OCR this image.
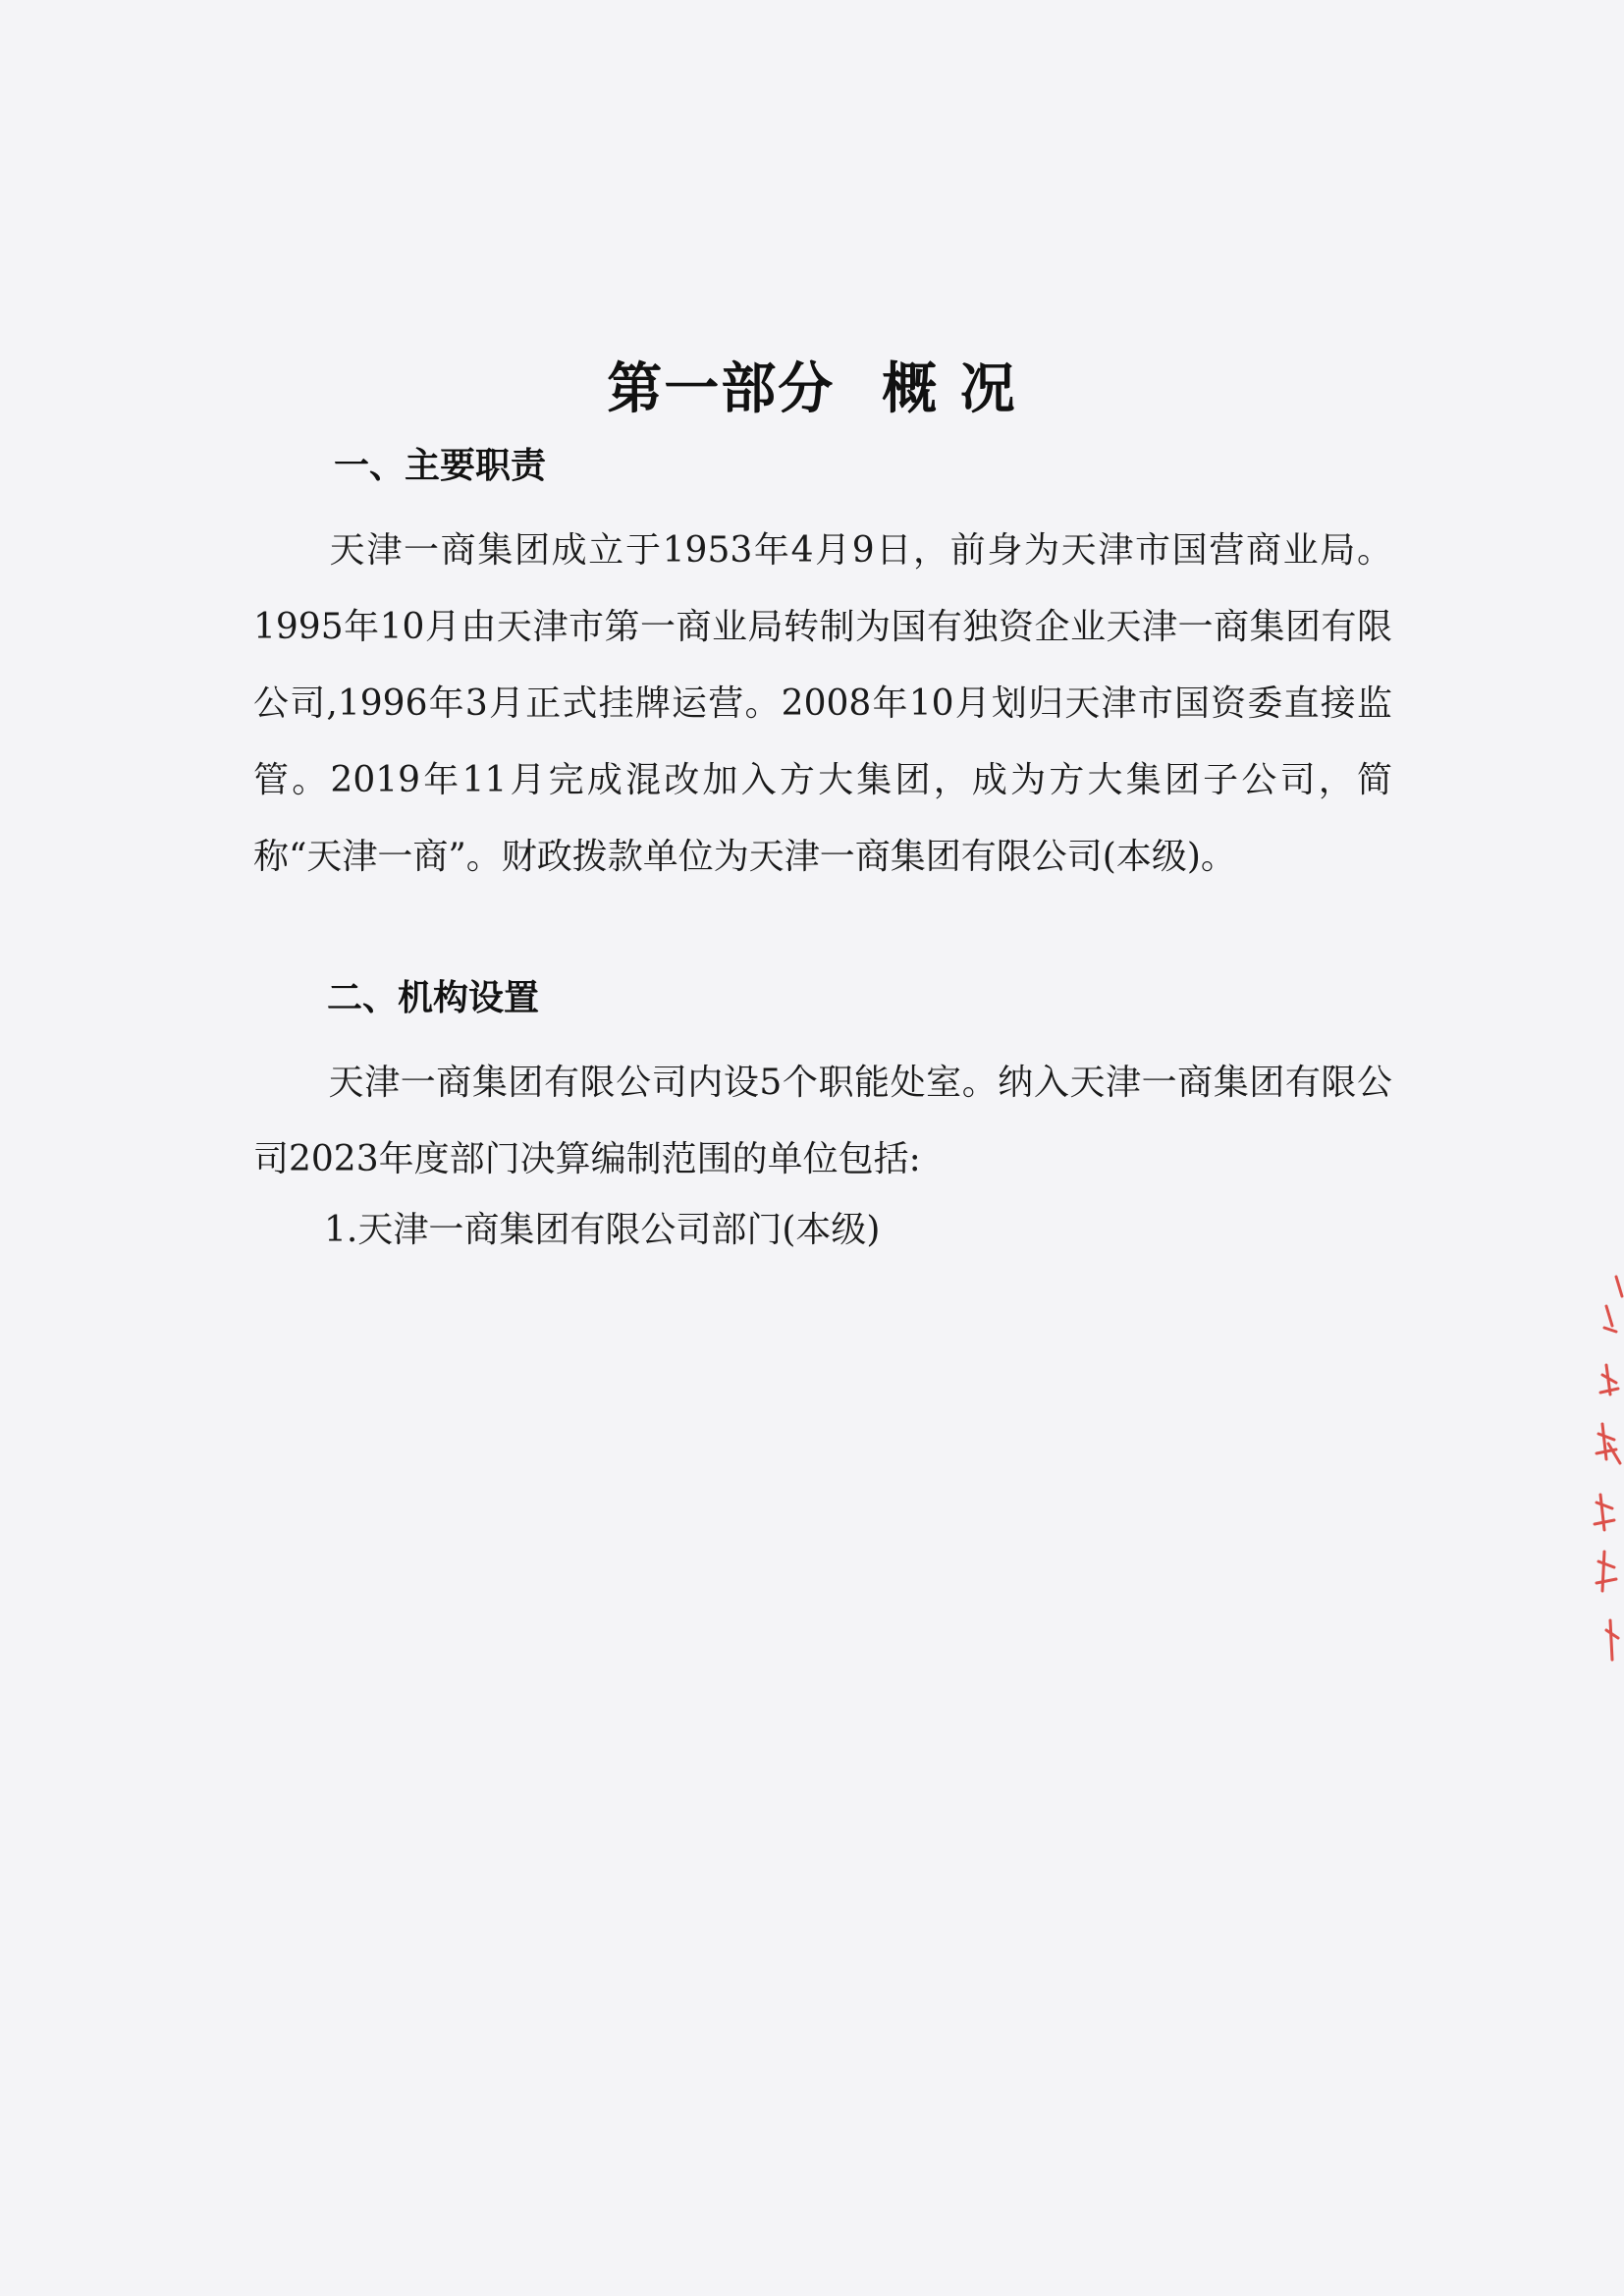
第一部分 概 况
一、主要职责

天津一商集团成立于1953年4月9日，前身为天津市国营商业局。1995年10月由天津市第一商业局转制为国有独资企业天津一商集团有限公司,1996年3月正式挂牌运营。2008年10月划归天津市国资委直接监管。2019年11月完成混改加入方大集团，成为方大集团子公司，简称“天津一商”。财政拨款单位为天津一商集团有限公司(本级)。

二、机构设置

天津一商集团有限公司内设5个职能处室。纳入天津一商集团有限公司2023年度部门决算编制范围的单位包括:

1.天津一商集团有限公司部门(本级)
